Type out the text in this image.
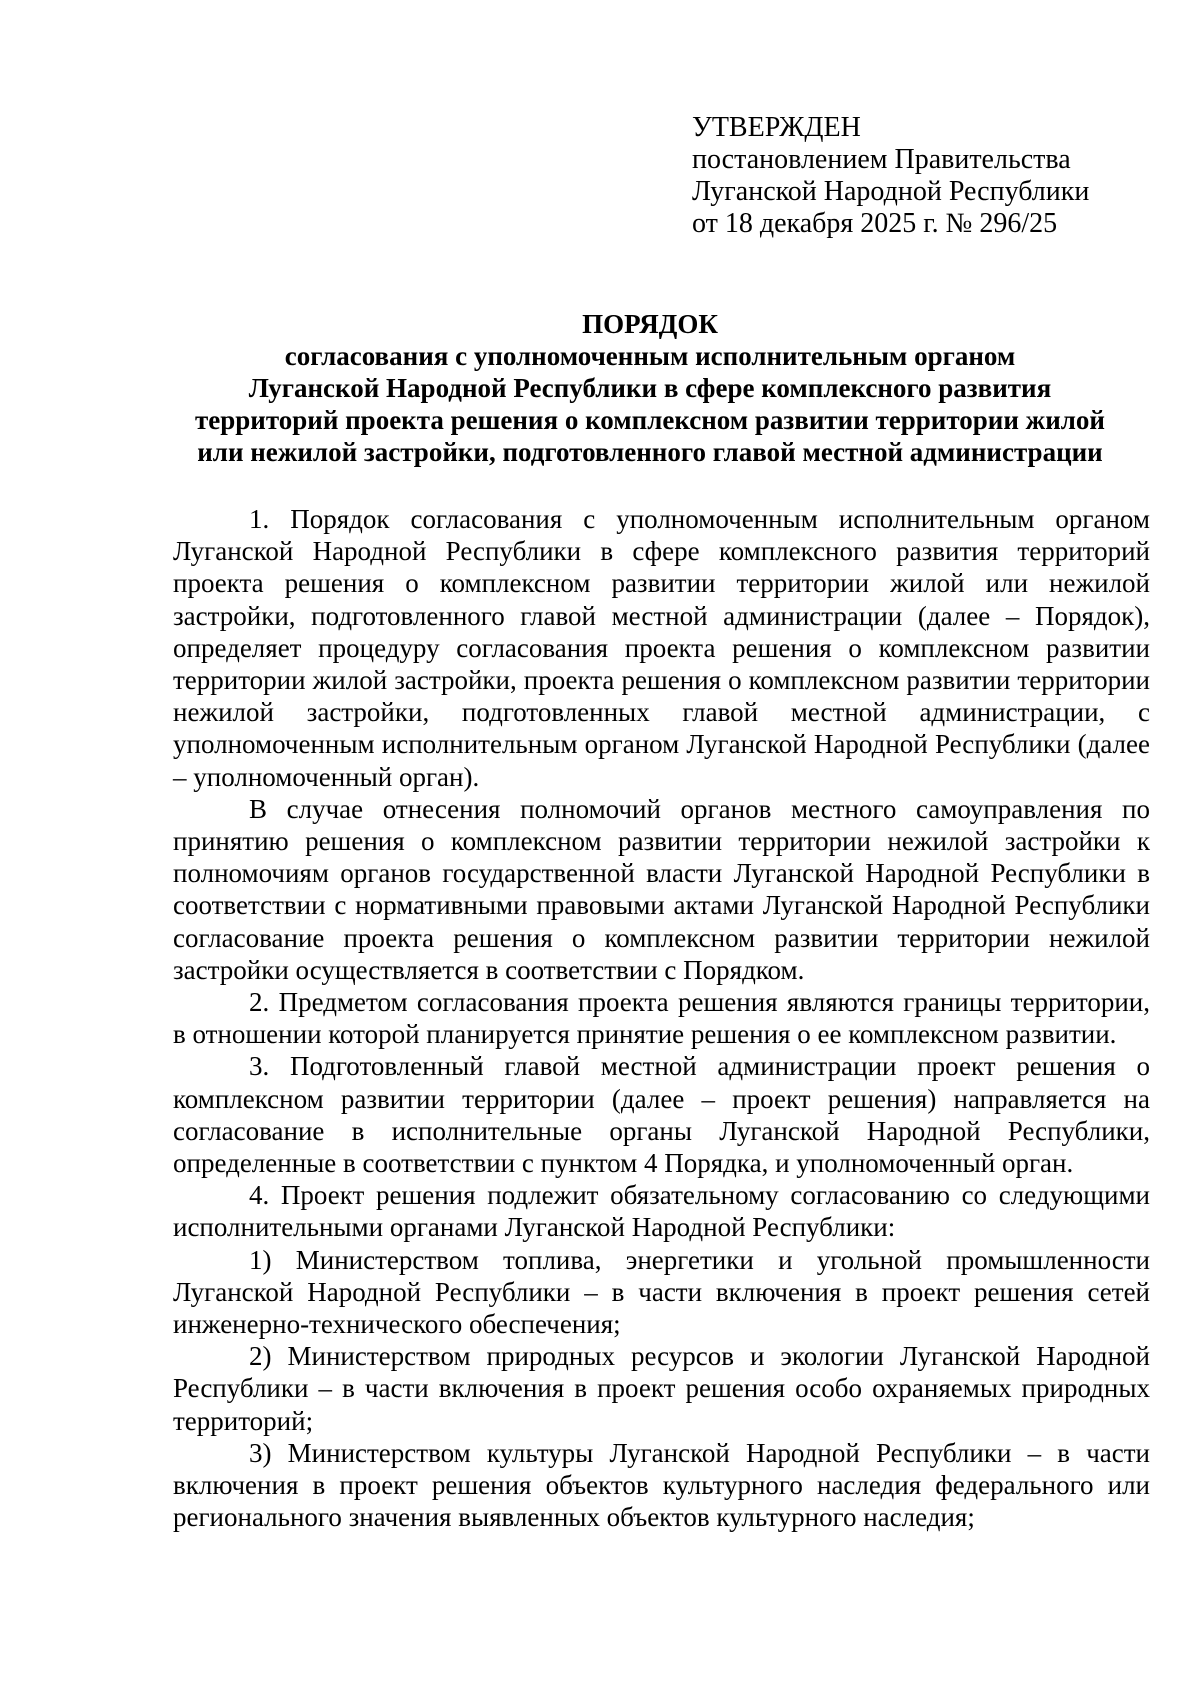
УТВЕРЖДЕН
постановлением Правительства
Луганской Народной Республики
от 18 декабря 2025 г. № 296/25
ПОРЯДОК
согласования с уполномоченным исполнительным органом
Луганской Народной Республики в сфере комплексного развития
территорий проекта решения о комплексном развитии территории жилой
или нежилой застройки, подготовленного главой местной администрации

1. Порядок согласования с уполномоченным исполнительным органом Луганской Народной Республики в сфере комплексного развития территорий проекта решения о комплексном развитии территории жилой или нежилой застройки, подготовленного главой местной администрации (далее – Порядок), определяет процедуру согласования проекта решения о комплексном развитии территории жилой застройки, проекта решения о комплексном развитии территории нежилой застройки, подготовленных главой местной администрации, с уполномоченным исполнительным органом Луганской Народной Республики (далее – уполномоченный орган).

В случае отнесения полномочий органов местного самоуправления по принятию решения о комплексном развитии территории нежилой застройки к полномочиям органов государственной власти Луганской Народной Республики в соответствии с нормативными правовыми актами Луганской Народной Республики согласование проекта решения о комплексном развитии территории нежилой застройки осуществляется в соответствии с Порядком.

2. Предметом согласования проекта решения являются границы территории, в отношении которой планируется принятие решения о ее комплексном развитии.

3. Подготовленный главой местной администрации проект решения о комплексном развитии территории (далее – проект решения) направляется на согласование в исполнительные органы Луганской Народной Республики, определенные в соответствии с пунктом 4 Порядка, и уполномоченный орган.

4. Проект решения подлежит обязательному согласованию со следующими исполнительными органами Луганской Народной Республики:

1) Министерством топлива, энергетики и угольной промышленности Луганской Народной Республики – в части включения в проект решения сетей инженерно-технического обеспечения;

2) Министерством природных ресурсов и экологии Луганской Народной Республики – в части включения в проект решения особо охраняемых природных территорий;

3) Министерством культуры Луганской Народной Республики – в части включения в проект решения объектов культурного наследия федерального или регионального значения выявленных объектов культурного наследия;
